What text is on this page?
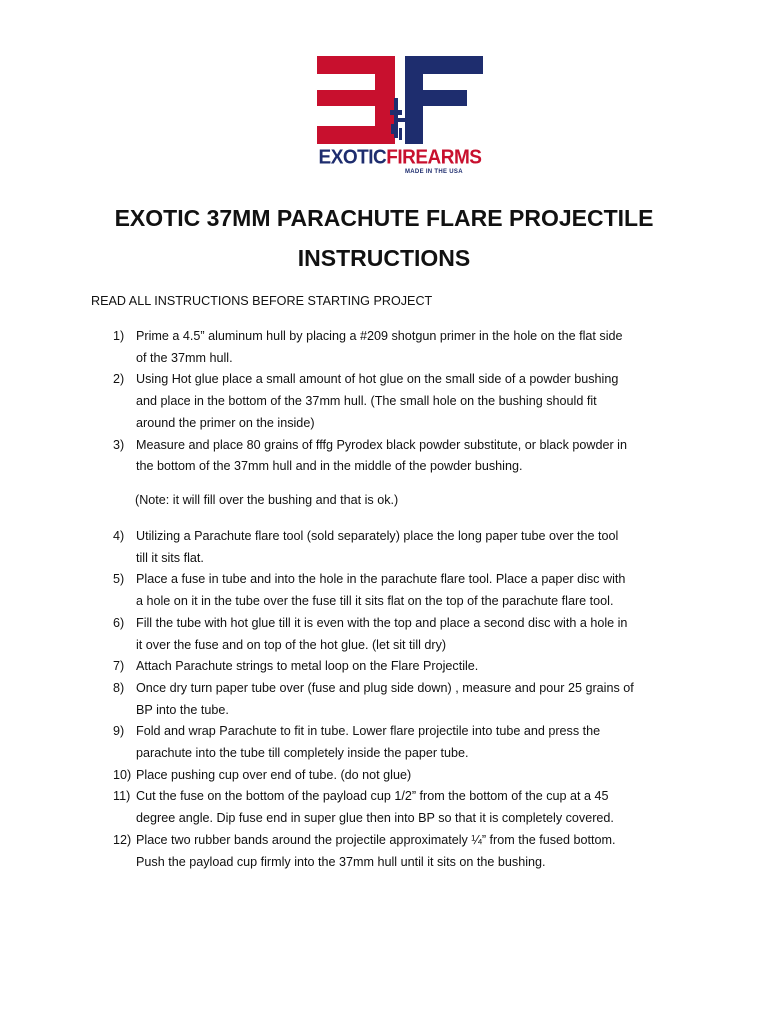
EXOTICFIREARMS
MADE IN THE USA
EXOTIC 37MM PARACHUTE FLARE PROJECTILE
INSTRUCTIONS
READ ALL INSTRUCTIONS BEFORE STARTING PROJECT
1) Prime a 4.5” aluminum hull by placing a #209 shotgun primer in the hole on the flat side
of the 37mm hull.
2) Using Hot glue place a small amount of hot glue on the small side of a powder bushing
and place in the bottom of the 37mm hull. (The small hole on the bushing should fit
around the primer on the inside)
3) Measure and place 80 grains of fffg Pyrodex black powder substitute, or black powder in
the bottom of the 37mm hull and in the middle of the powder bushing.
(Note: it will fill over the bushing and that is ok.)
4) Utilizing a Parachute flare tool (sold separately) place the long paper tube over the tool
till it sits flat.
5) Place a fuse in tube and into the hole in the parachute flare tool. Place a paper disc with
a hole on it in the tube over the fuse till it sits flat on the top of the parachute flare tool.
6) Fill the tube with hot glue till it is even with the top and place a second disc with a hole in
it over the fuse and on top of the hot glue. (let sit till dry)
7) Attach Parachute strings to metal loop on the Flare Projectile.
8) Once dry turn paper tube over (fuse and plug side down) , measure and pour 25 grains of
BP into the tube.
9) Fold and wrap Parachute to fit in tube. Lower flare projectile into tube and press the
parachute into the tube till completely inside the paper tube.
10) Place pushing cup over end of tube. (do not glue)
11) Cut the fuse on the bottom of the payload cup 1/2” from the bottom of the cup at a 45
degree angle. Dip fuse end in super glue then into BP so that it is completely covered.
12) Place two rubber bands around the projectile approximately ¼” from the fused bottom.
Push the payload cup firmly into the 37mm hull until it sits on the bushing.
